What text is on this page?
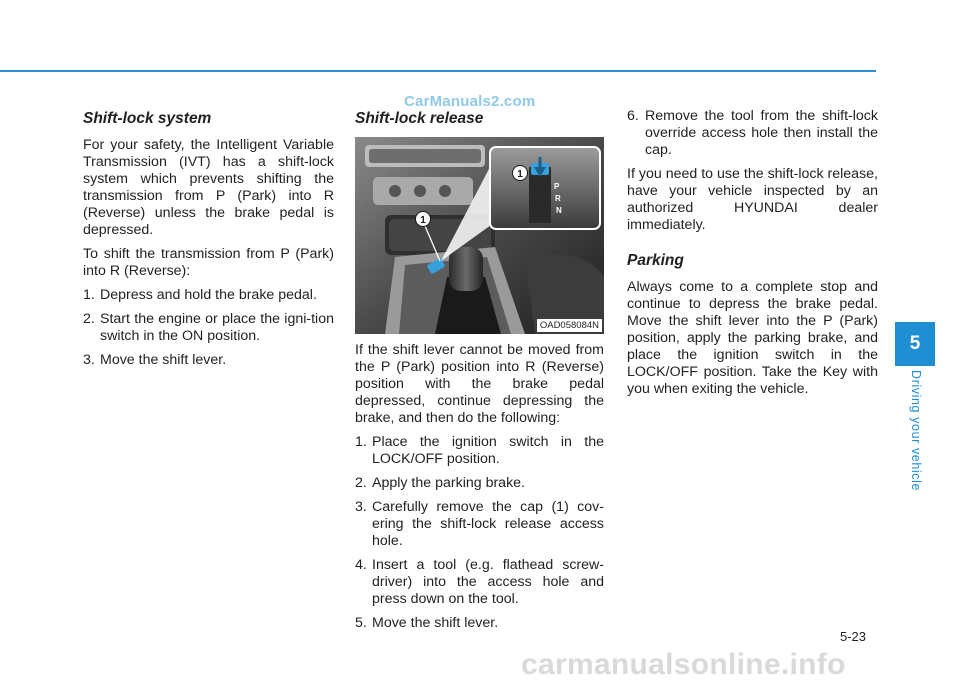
CarManuals2.com
Shift-lock system

For your safety, the Intelligent Variable Transmission (IVT) has a shift-lock system which prevents shifting the transmission from P (Park) into R (Reverse) unless the brake pedal is depressed.

To shift the transmission from P (Park) into R (Reverse):

1. Depress and hold the brake pedal.
2. Start the engine or place the igni-tion switch in the ON position.
3. Move the shift lever.
Shift-lock release
1
1
P
R
N
OAD058084N

If the shift lever cannot be moved from the P (Park) position into R (Reverse) position with the brake pedal depressed, continue depressing the brake, and then do the following:

1. Place the ignition switch in the LOCK/OFF position.
2. Apply the parking brake.
3. Carefully remove the cap (1) cov-ering the shift-lock release access hole.
4. Insert a tool (e.g. flathead screw-driver) into the access hole and press down on the tool.
5. Move the shift lever.
6. Remove the tool from the shift-lock override access hole then install the cap.

If you need to use the shift-lock release, have your vehicle inspected by an authorized HYUNDAI dealer immediately.

Parking

Always come to a complete stop and continue to depress the brake pedal. Move the shift lever into the P (Park) position, apply the parking brake, and place the ignition switch in the LOCK/OFF position. Take the Key with you when exiting the vehicle.

5
Driving your vehicle
5-23
carmanualsonline.info
